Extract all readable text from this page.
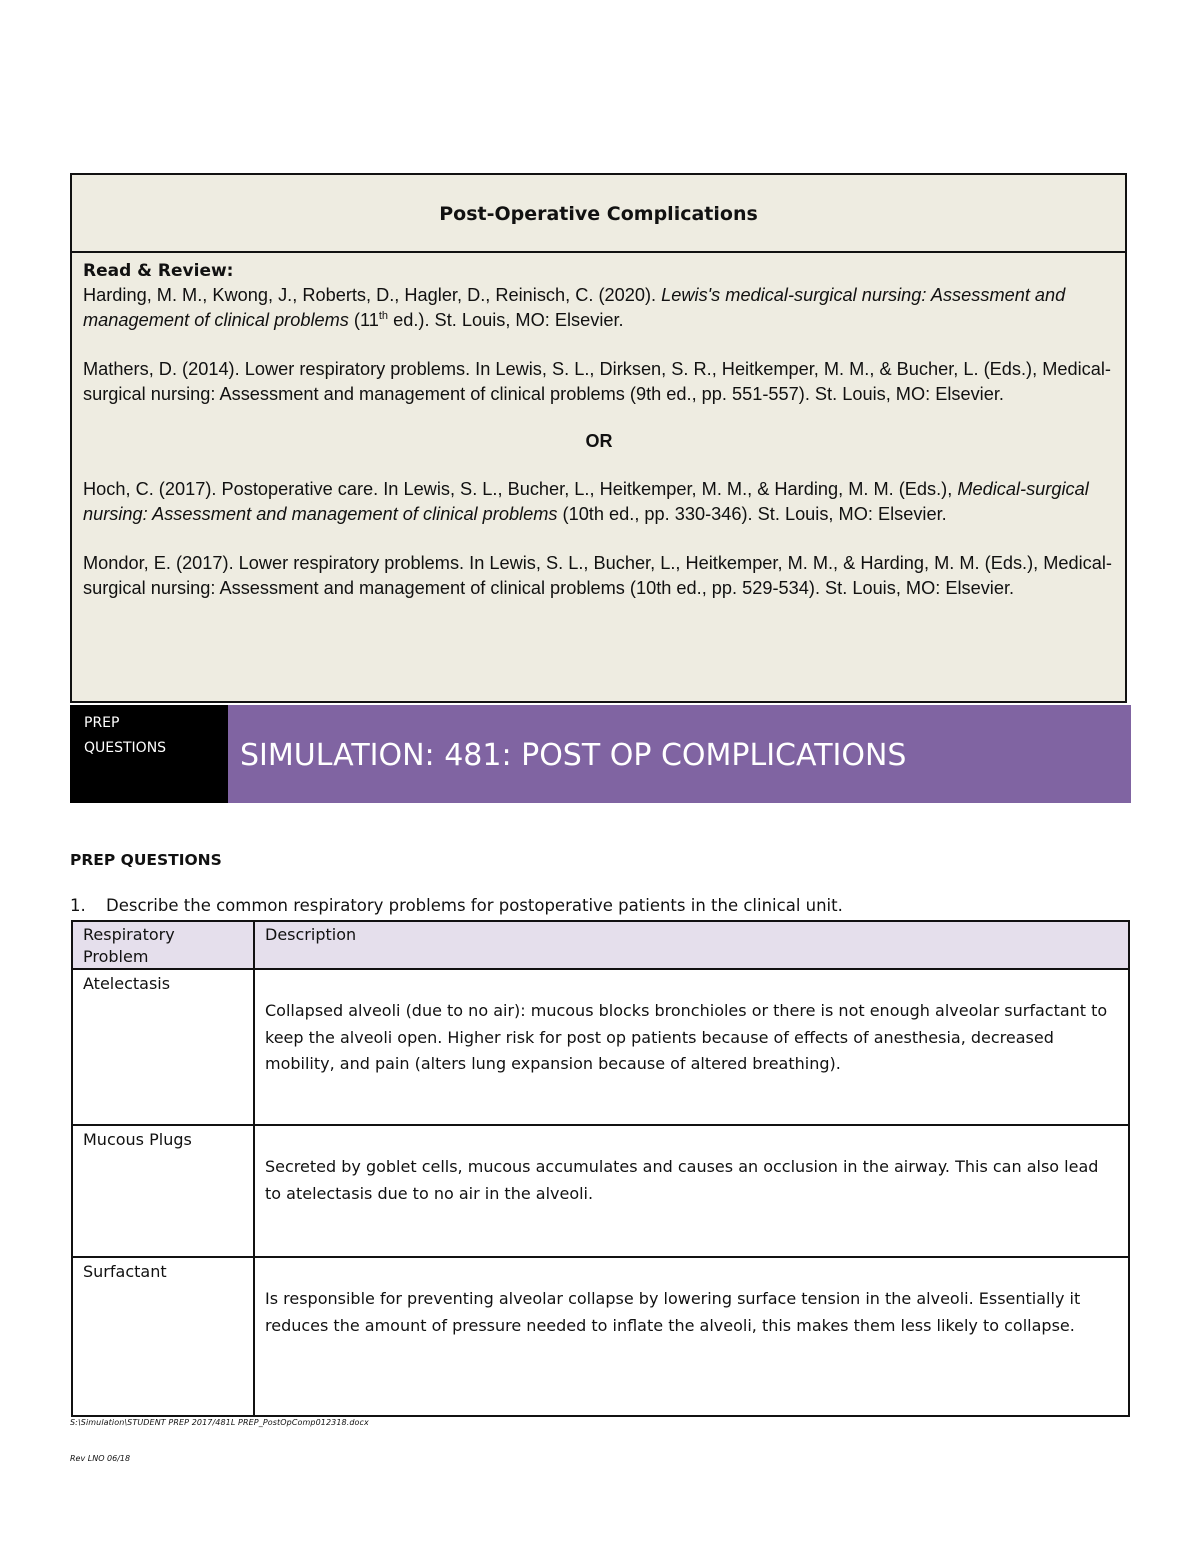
Post-Operative Complications
Read & Review:
Harding, M. M., Kwong, J., Roberts, D., Hagler, D., Reinisch, C. (2020). Lewis's medical-surgical nursing: Assessment and management of clinical problems (11th ed.). St. Louis, MO: Elsevier.
Mathers, D. (2014). Lower respiratory problems. In Lewis, S. L., Dirksen, S. R., Heitkemper, M. M., & Bucher, L. (Eds.), Medical-surgical nursing: Assessment and management of clinical problems (9th ed., pp. 551-557). St. Louis, MO: Elsevier.
OR
Hoch, C. (2017). Postoperative care. In Lewis, S. L., Bucher, L., Heitkemper, M. M., & Harding, M. M. (Eds.), Medical-surgical nursing: Assessment and management of clinical problems (10th ed., pp. 330-346). St. Louis, MO: Elsevier.
Mondor, E. (2017). Lower respiratory problems. In Lewis, S. L., Bucher, L., Heitkemper, M. M., & Harding, M. M. (Eds.), Medical-surgical nursing: Assessment and management of clinical problems (10th ed., pp. 529-534). St. Louis, MO: Elsevier.
PREP
QUESTIONS	SIMULATION: 481: POST OP COMPLICATIONS
PREP QUESTIONS
1. Describe the common respiratory problems for postoperative patients in the clinical unit.
Respiratory Problem	Description
Atelectasis	Collapsed alveoli (due to no air): mucous blocks bronchioles or there is not enough alveolar surfactant to keep the alveoli open. Higher risk for post op patients because of effects of anesthesia, decreased mobility, and pain (alters lung expansion because of altered breathing).

Mucous Plugs	Secreted by goblet cells, mucous accumulates and causes an occlusion in the airway. This can also lead to atelectasis due to no air in the alveoli.

Surfactant	Is responsible for preventing alveolar collapse by lowering surface tension in the alveoli. Essentially it reduces the amount of pressure needed to inflate the alveoli, this makes them less likely to collapse.
S:\Simulation\STUDENT PREP 2017/481L PREP_PostOpComp012318.docx
Rev LNO 06/18
